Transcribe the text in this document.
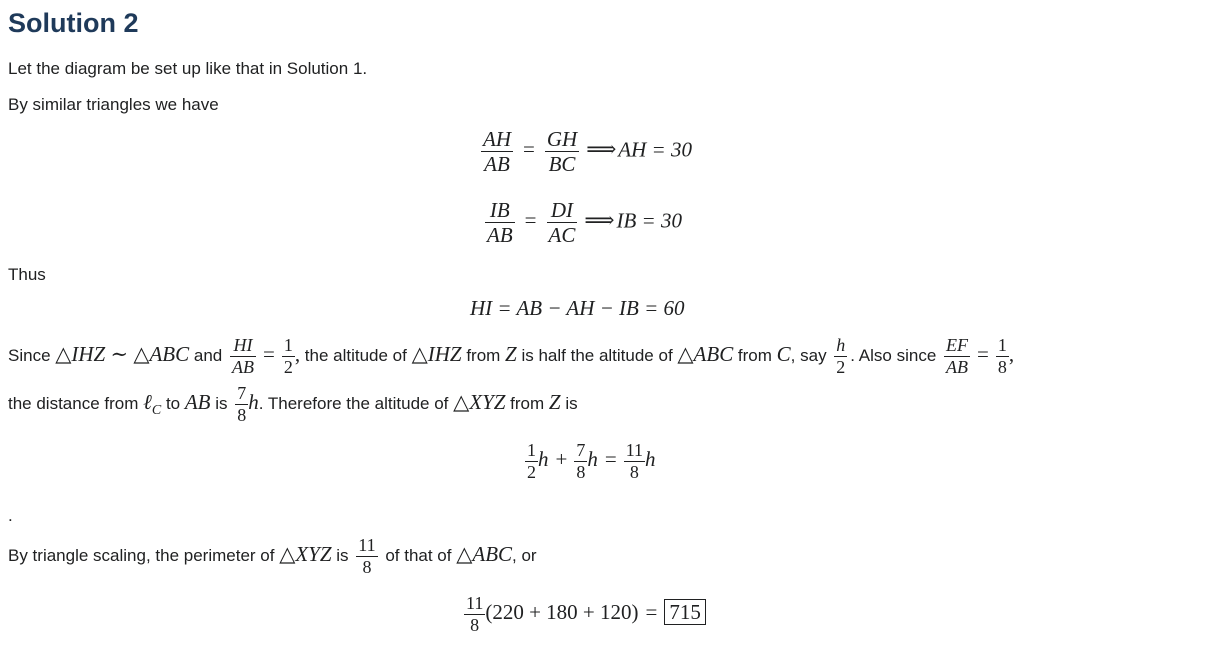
Solution 2
Let the diagram be set up like that in Solution 1.
By similar triangles we have
$\frac{AH}{AB} = \frac{GH}{BC}$ ⟹AH = 30
$\frac{IB}{AB} = \frac{DI}{AC}$ ⟹IB = 30
Thus
HI = AB − AH − IB = 60
Since △IHZ ∼ △ABC and $\frac{HI}{AB} = \frac{1}{2}$ , the altitude of △IHZ from Z is half the altitude of △ABC from C, say $\frac{h}{2}$ . Also since $\frac{EF}{AB} = \frac{1}{8}$ ,
the distance from ℓ$_C$ to AB is $\frac{7}{8} h$. Therefore the altitude of △XYZ from Z is
$\frac{1}{2}$ $h + \frac{7}{8}$ $h = \frac{11}{8}$ h
.
By triangle scaling, the perimeter of △XYZ is $\frac{11}{8}$ of that of △ABC, or
$\frac{11}{8} (220 + 180 + 120) = 715$
